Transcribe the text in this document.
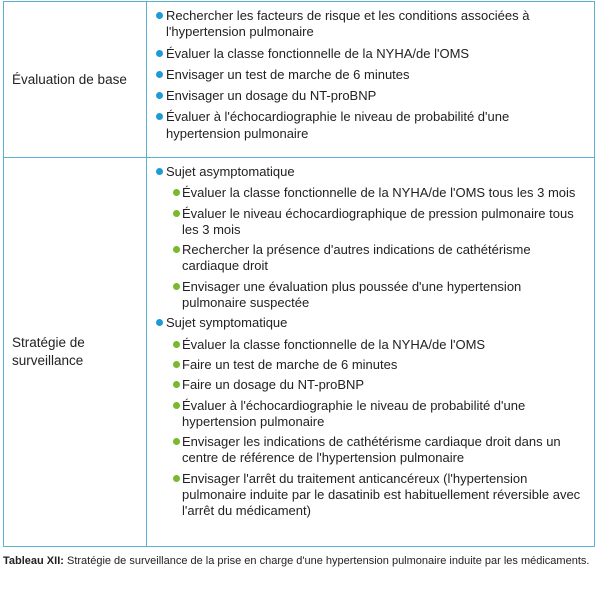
Évaluation de base
Rechercher les facteurs de risque et les conditions associées à l'hypertension pulmonaire
Évaluer la classe fonctionnelle de la NYHA/de l'OMS
Envisager un test de marche de 6 minutes
Envisager un dosage du NT-proBNP
Évaluer à l'échocardiographie le niveau de probabilité d'une hypertension pulmonaire
Stratégie de surveillance
Sujet asymptomatique
Évaluer la classe fonctionnelle de la NYHA/de l'OMS tous les 3 mois
Évaluer le niveau échocardiographique de pression pulmonaire tous les 3 mois
Rechercher la présence d'autres indications de cathétérisme cardiaque droit
Envisager une évaluation plus poussée d'une hypertension pulmonaire suspectée
Sujet symptomatique
Évaluer la classe fonctionnelle de la NYHA/de l'OMS
Faire un test de marche de 6 minutes
Faire un dosage du NT-proBNP
Évaluer à l'échocardiographie le niveau de probabilité d'une hypertension pulmonaire
Envisager les indications de cathétérisme cardiaque droit dans un centre de référence de l'hypertension pulmonaire
Envisager l'arrêt du traitement anticancéreux (l'hypertension pulmonaire induite par le dasatinib est habituellement réversible avec l'arrêt du médicament)
Tableau XII: Stratégie de surveillance de la prise en charge d'une hypertension pulmonaire induite par les médicaments.
